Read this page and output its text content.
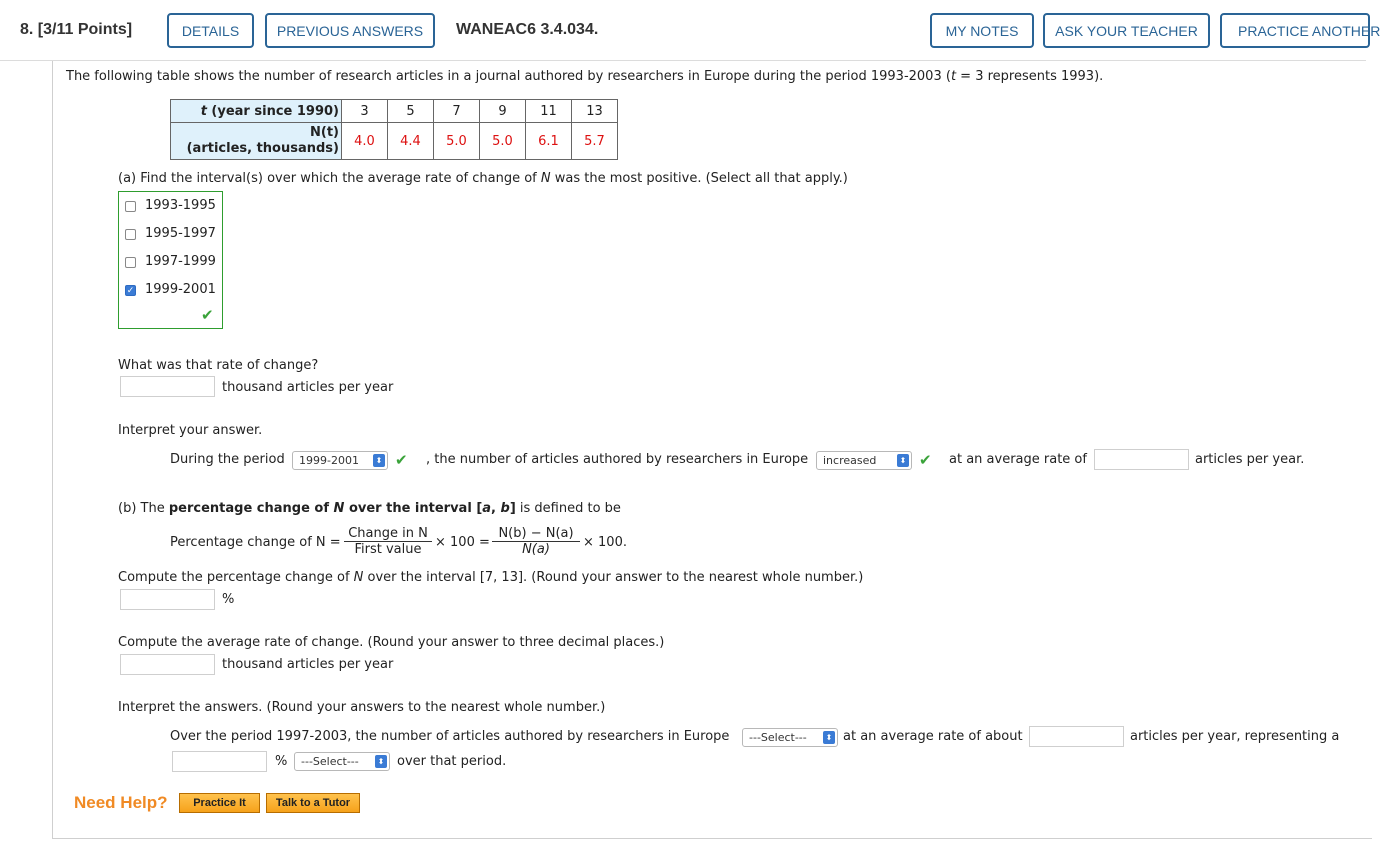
8. [3/11 Points]	DETAILS	PREVIOUS ANSWERS	WANEAC6 3.4.034.	MY NOTES	ASK YOUR TEACHER	PRACTICE ANOTHER
The following table shows the number of research articles in a journal authored by researchers in Europe during the period 1993-2003 (t = 3 represents 1993).
t (year since 1990)	3	5	7	9	11	13

N(t)
(articles, thousands)	4.0	4.4	5.0	5.0	6.1	5.7
(a) Find the interval(s) over which the average rate of change of N was the most positive. (Select all that apply.)
1993-1995
1995-1997
1997-1999
✓ 1999-2001
✔
What was that rate of change?
thousand articles per year
Interpret your answer.
During the period	1999-2001	⬍ ✔ , the number of articles authored by researchers in Europe	increased	⬍ ✔ at an average rate of	articles per year.
(b) The percentage change of N over the interval [a, b] is defined to be
Percentage change of N =
Change in N
First value	× $100 = \frac{N(b) - N(a)}{N(a)} \times 100$.
Compute the percentage change of N over the interval [7, 13]. (Round your answer to the nearest whole number.)
%
Compute the average rate of change. (Round your answer to three decimal places.)
thousand articles per year
Interpret the answers. (Round your answers to the nearest whole number.)
Over the period 1997-2003, the number of articles authored by researchers in Europe	---Select---	⬍ at an average rate of about	articles per year, representing a
%	---Select---	⬍ over that period.
Need Help?	Practice It	Talk to a Tutor
